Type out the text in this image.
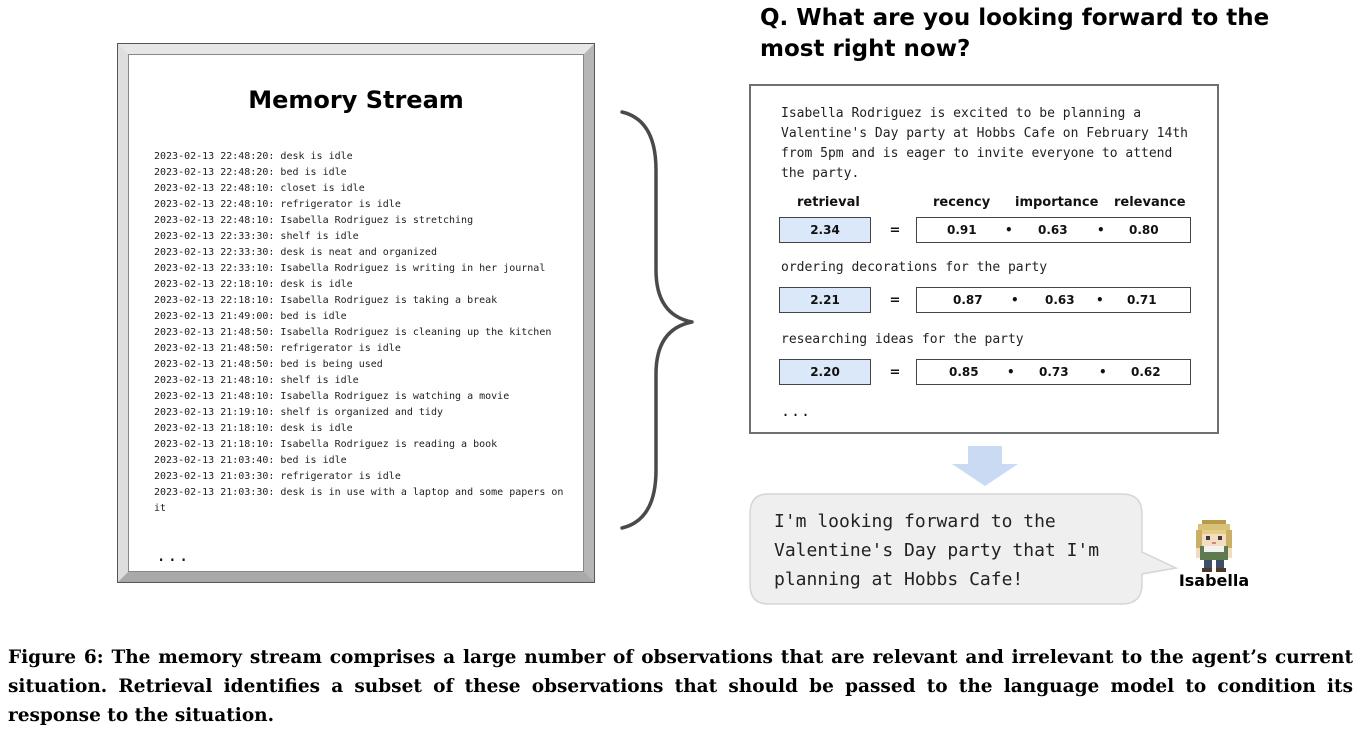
Memory Stream
2023-02-13 22:48:20: desk is idle
2023-02-13 22:48:20: bed is idle
2023-02-13 22:48:10: closet is idle
2023-02-13 22:48:10: refrigerator is idle
2023-02-13 22:48:10: Isabella Rodriguez is stretching
2023-02-13 22:33:30: shelf is idle
2023-02-13 22:33:30: desk is neat and organized
2023-02-13 22:33:10: Isabella Rodriguez is writing in her journal
2023-02-13 22:18:10: desk is idle
2023-02-13 22:18:10: Isabella Rodriguez is taking a break
2023-02-13 21:49:00: bed is idle
2023-02-13 21:48:50: Isabella Rodriguez is cleaning up the kitchen
2023-02-13 21:48:50: refrigerator is idle
2023-02-13 21:48:50: bed is being used
2023-02-13 21:48:10: shelf is idle
2023-02-13 21:48:10: Isabella Rodriguez is watching a movie
2023-02-13 21:19:10: shelf is organized and tidy
2023-02-13 21:18:10: desk is idle
2023-02-13 21:18:10: Isabella Rodriguez is reading a book
2023-02-13 21:03:40: bed is idle
2023-02-13 21:03:30: refrigerator is idle
2023-02-13 21:03:30: desk is in use with a laptop and some papers on it
...
Q. What are you looking forward to the most right now?
Isabella Rodriguez is excited to be planning a Valentine's Day party at Hobbs Cafe on February 14th from 5pm and is eager to invite everyone to attend the party.
retrieval	recency importance relevance
2.34	=	0.91 • 0.63 • 0.80
ordering decorations for the party
2.21	=	0.87 • 0.63 • 0.71
researching ideas for the party
2.20	=	0.85 • 0.73	• 0.62
...
I'm looking forward to the Valentine's Day party that I'm planning at Hobbs Cafe!	Isabella

Figure 6: The memory stream comprises a large number of observations that are relevant and irrelevant to the agent’s current situation. Retrieval identifies a subset of these observations that should be passed to the language model to condition its response to the situation.
